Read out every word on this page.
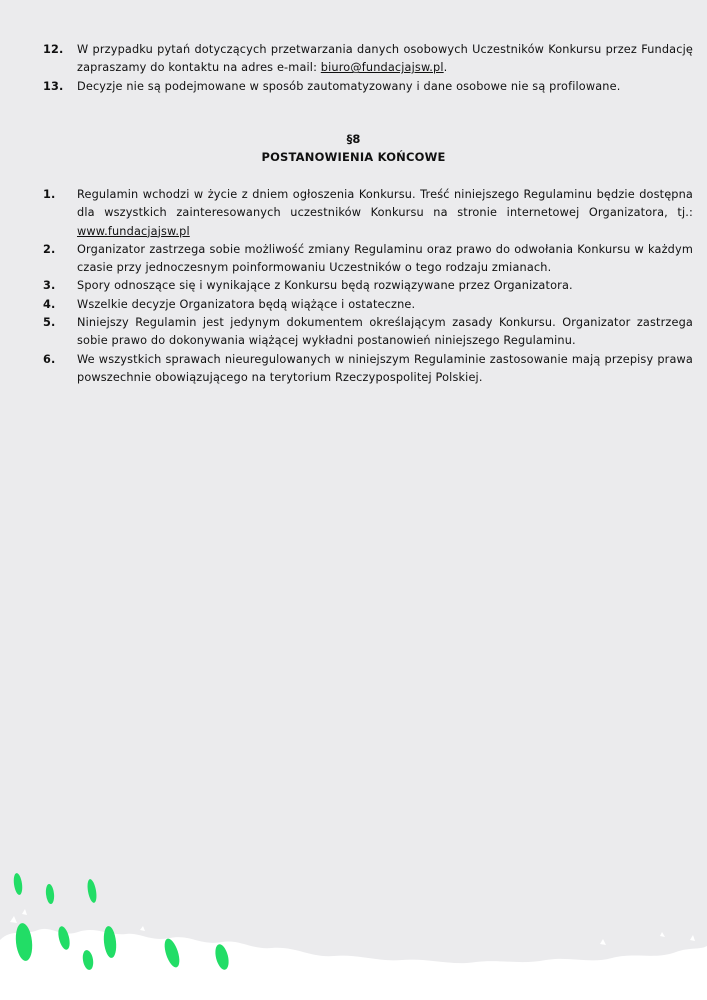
12. W przypadku pytań dotyczących przetwarzania danych osobowych Uczestników Konkursu przez Fundację zapraszamy do kontaktu na adres e-mail: biuro@fundacjajsw.pl.
13. Decyzje nie są podejmowane w sposób zautomatyzowany i dane osobowe nie są profilowane.
§8
POSTANOWIENIA KOŃCOWE
1. Regulamin wchodzi w życie z dniem ogłoszenia Konkursu. Treść niniejszego Regulaminu będzie dostępna dla wszystkich zainteresowanych uczestników Konkursu na stronie internetowej Organizatora, tj.: www.fundacjajsw.pl
2. Organizator zastrzega sobie możliwość zmiany Regulaminu oraz prawo do odwołania Konkursu w każdym czasie przy jednoczesnym poinformowaniu Uczestników o tego rodzaju zmianach.
3. Spory odnoszące się i wynikające z Konkursu będą rozwiązywane przez Organizatora.
4. Wszelkie decyzje Organizatora będą wiążące i ostateczne.
5. Niniejszy Regulamin jest jedynym dokumentem określającym zasady Konkursu. Organizator zastrzega sobie prawo do dokonywania wiążącej wykładni postanowień niniejszego Regulaminu.
6. We wszystkich sprawach nieuregulowanych w niniejszym Regulaminie zastosowanie mają przepisy prawa powszechnie obowiązującego na terytorium Rzeczypospolitej Polskiej.
